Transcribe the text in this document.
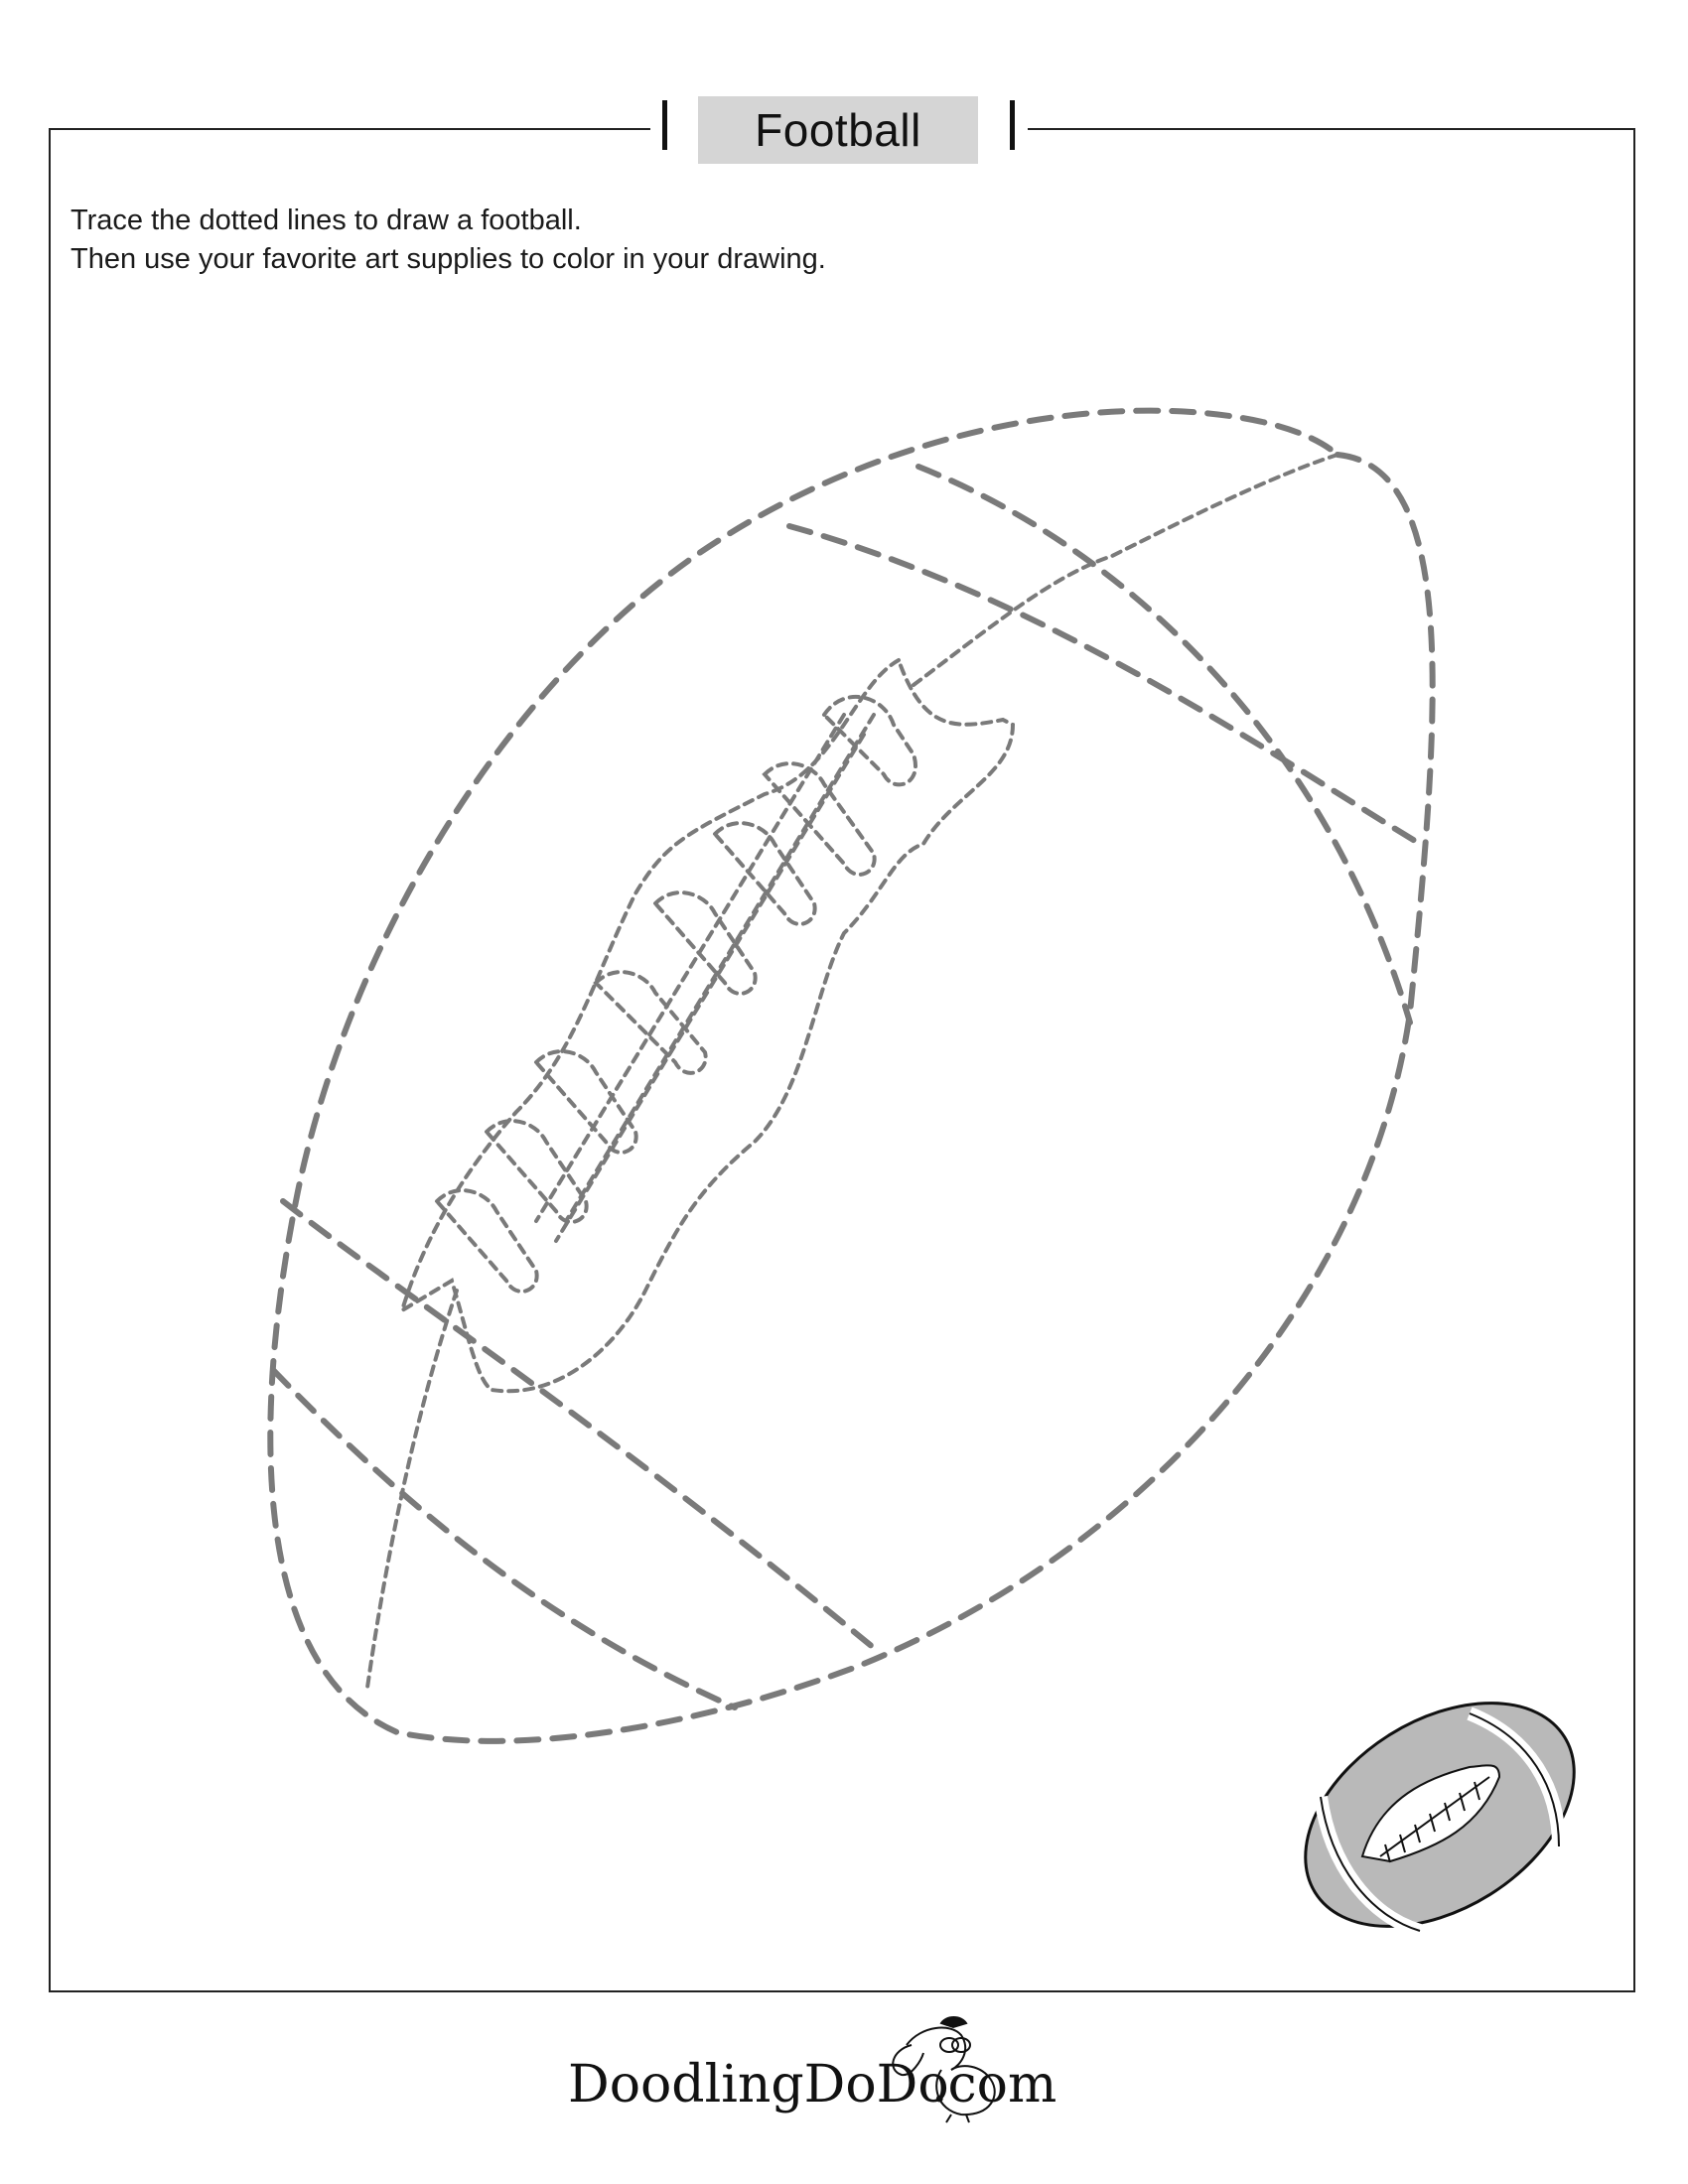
Football
Trace the dotted lines to draw a football.
Then use your favorite art supplies to color in your drawing.
DoodlingDoDo.com
